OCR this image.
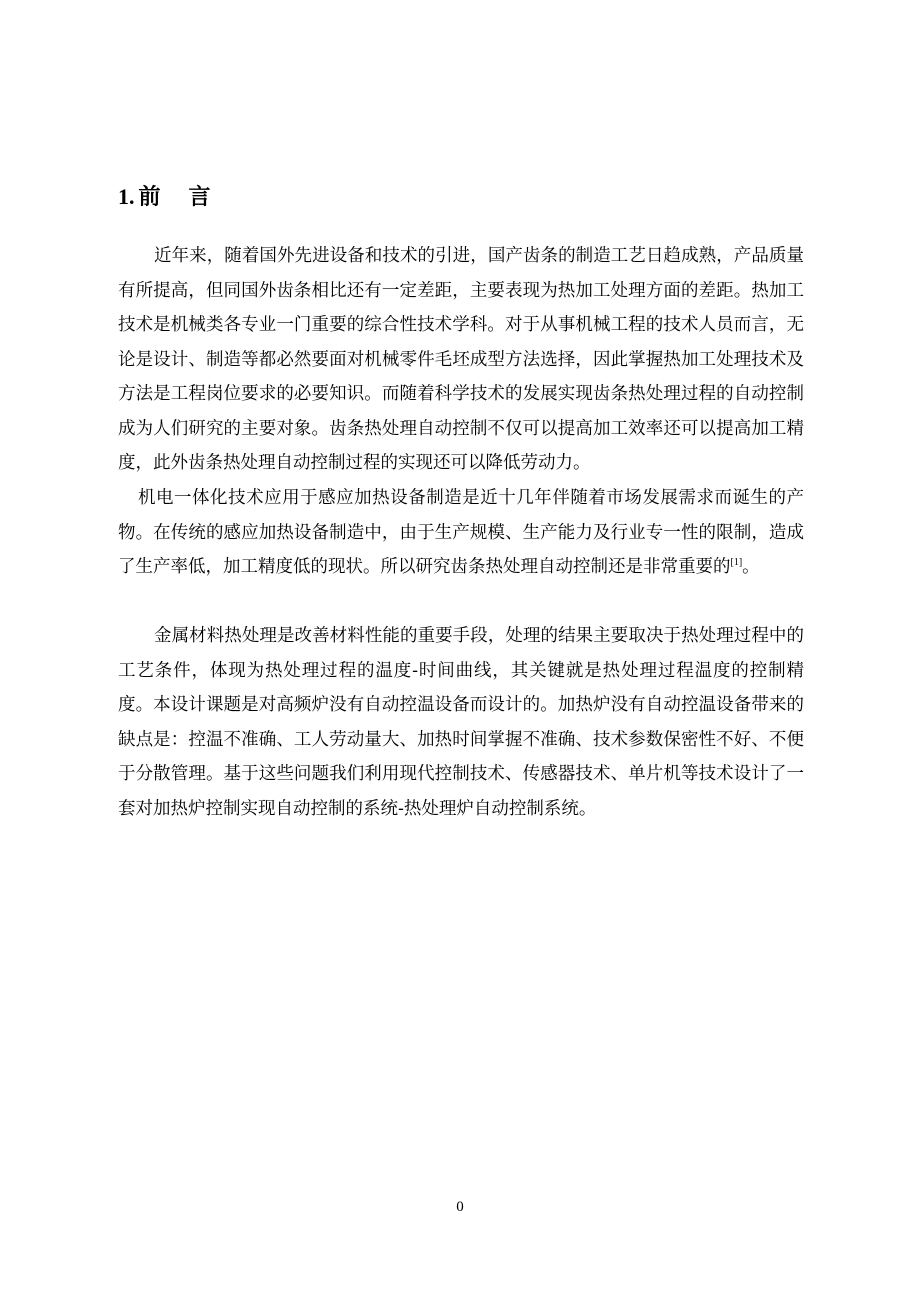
1. 前 言

近年来，随着国外先进设备和技术的引进，国产齿条的制造工艺日趋成熟，产品质量有所提高，但同国外齿条相比还有一定差距，主要表现为热加工处理方面的差距。热加工技术是机械类各专业一门重要的综合性技术学科。对于从事机械工程的技术人员而言，无论是设计、制造等都必然要面对机械零件毛坯成型方法选择，因此掌握热加工处理技术及方法是工程岗位要求的必要知识。而随着科学技术的发展实现齿条热处理过程的自动控制成为人们研究的主要对象。齿条热处理自动控制不仅可以提高加工效率还可以提高加工精度，此外齿条热处理自动控制过程的实现还可以降低劳动力。

机电一体化技术应用于感应加热设备制造是近十几年伴随着市场发展需求而诞生的产物。在传统的感应加热设备制造中，由于生产规模、生产能力及行业专一性的限制，造成了生产率低，加工精度低的现状。所以研究齿条热处理自动控制还是非常重要的[1]。

金属材料热处理是改善材料性能的重要手段，处理的结果主要取决于热处理过程中的工艺条件，体现为热处理过程的温度-时间曲线，其关键就是热处理过程温度的控制精度。本设计课题是对高频炉没有自动控温设备而设计的。加热炉没有自动控温设备带来的缺点是：控温不准确、工人劳动量大、加热时间掌握不准确、技术参数保密性不好、不便于分散管理。基于这些问题我们利用现代控制技术、传感器技术、单片机等技术设计了一套对加热炉控制实现自动控制的系统-热处理炉自动控制系统。

0
